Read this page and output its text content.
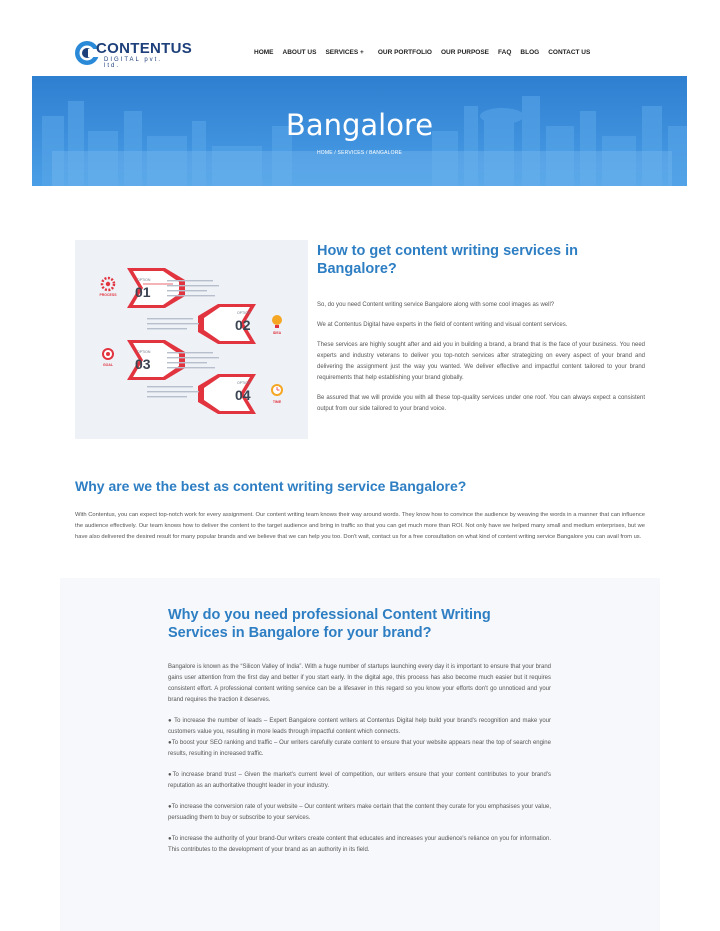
CONTENTUS
DIGITAL pvt. ltd.
HOME ABOUT US SERVICES + OUR PORTFOLIO OUR PURPOSE FAQ BLOG CONTACT US
Bangalore
HOME / SERVICES / BANGALORE
OPTION
01
OPTION
02
OPTION
03
OPTION
04
PROCESS
IDEA
GOAL
TIME
How to get content writing services in Bangalore?

So, do you need Content writing service Bangalore along with some cool images as well?

We at Contentus Digital have experts in the field of content writing and visual content services.

These services are highly sought after and aid you in building a brand, a brand that is the face of your business. You need experts and industry veterans to deliver you top-notch services after strategizing on every aspect of your brand and delivering the assignment just the way you wanted. We deliver effective and impactful content tailored to your brand requirements that help establishing your brand globally.

Be assured that we will provide you with all these top-quality services under one roof. You can always expect a consistent output from our side tailored to your brand voice.

Why are we the best as content writing service Bangalore?

With Contentus, you can expect top-notch work for every assignment. Our content writing team knows their way around words. They know how to convince the audience by weaving the words in a manner that can influence the audience effectively. Our team knows how to deliver the content to the target audience and bring in traffic so that you can get much more than ROI. Not only have we helped many small and medium enterprises, but we have also delivered the desired result for many popular brands and we believe that we can help you too. Don't wait, contact us for a free consultation on what kind of content writing service Bangalore you can avail from us.

Why do you need professional Content Writing Services in Bangalore for your brand?

Bangalore is known as the “Silicon Valley of India”. With a huge number of startups launching every day it is important to ensure that your brand gains user attention from the first day and better if you start early. In the digital age, this process has also become much easier but it requires consistent effort. A professional content writing service can be a lifesaver in this regard so you know your efforts don't go unnoticed and your brand requires the traction it deserves.

● To increase the number of leads – Expert Bangalore content writers at Contentus Digital help build your brand's recognition and make your customers value you, resulting in more leads through impactful content which connects.

●To boost your SEO ranking and traffic – Our writers carefully curate content to ensure that your website appears near the top of search engine results, resulting in increased traffic.

●To increase brand trust – Given the market's current level of competition, our writers ensure that your content contributes to your brand's reputation as an authoritative thought leader in your industry.

●To increase the conversion rate of your website – Our content writers make certain that the content they curate for you emphasises your value, persuading them to buy or subscribe to your services.

●To increase the authority of your brand-Our writers create content that educates and increases your audience's reliance on you for information. This contributes to the development of your brand as an authority in its field.
